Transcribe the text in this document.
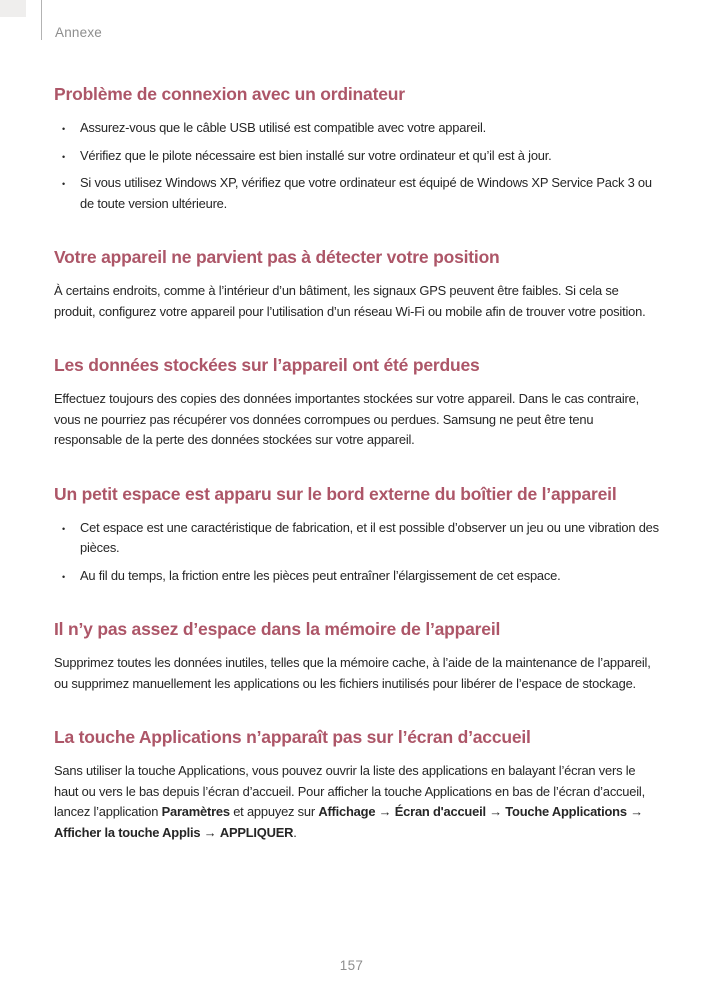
Annexe
Problème de connexion avec un ordinateur
•
Assurez-vous que le câble USB utilisé est compatible avec votre appareil.
•
Vérifiez que le pilote nécessaire est bien installé sur votre ordinateur et qu’il est à jour.
•
Si vous utilisez Windows XP, vérifiez que votre ordinateur est équipé de Windows XP Service Pack 3 ou de toute version ultérieure.
Votre appareil ne parvient pas à détecter votre position

À certains endroits, comme à l’intérieur d’un bâtiment, les signaux GPS peuvent être faibles. Si cela se produit, configurez votre appareil pour l’utilisation d’un réseau Wi-Fi ou mobile afin de trouver votre position.

Les données stockées sur l’appareil ont été perdues

Effectuez toujours des copies des données importantes stockées sur votre appareil. Dans le cas contraire, vous ne pourriez pas récupérer vos données corrompues ou perdues. Samsung ne peut être tenu responsable de la perte des données stockées sur votre appareil.

Un petit espace est apparu sur le bord externe du boîtier de l’appareil
•
Cet espace est une caractéristique de fabrication, et il est possible d’observer un jeu ou une vibration des pièces.
•
Au fil du temps, la friction entre les pièces peut entraîner l’élargissement de cet espace.
Il n’y pas assez d’espace dans la mémoire de l’appareil

Supprimez toutes les données inutiles, telles que la mémoire cache, à l’aide de la maintenance de l’appareil, ou supprimez manuellement les applications ou les fichiers inutilisés pour libérer de l’espace de stockage.

La touche Applications n’apparaît pas sur l’écran d’accueil

Sans utiliser la touche Applications, vous pouvez ouvrir la liste des applications en balayant l’écran vers le haut ou vers le bas depuis l’écran d’accueil. Pour afficher la touche Applications en bas de l’écran d’accueil, lancez l’application Paramètres et appuyez sur Affichage → Écran d'accueil → Touche Applications → Afficher la touche Applis → APPLIQUER.

157
